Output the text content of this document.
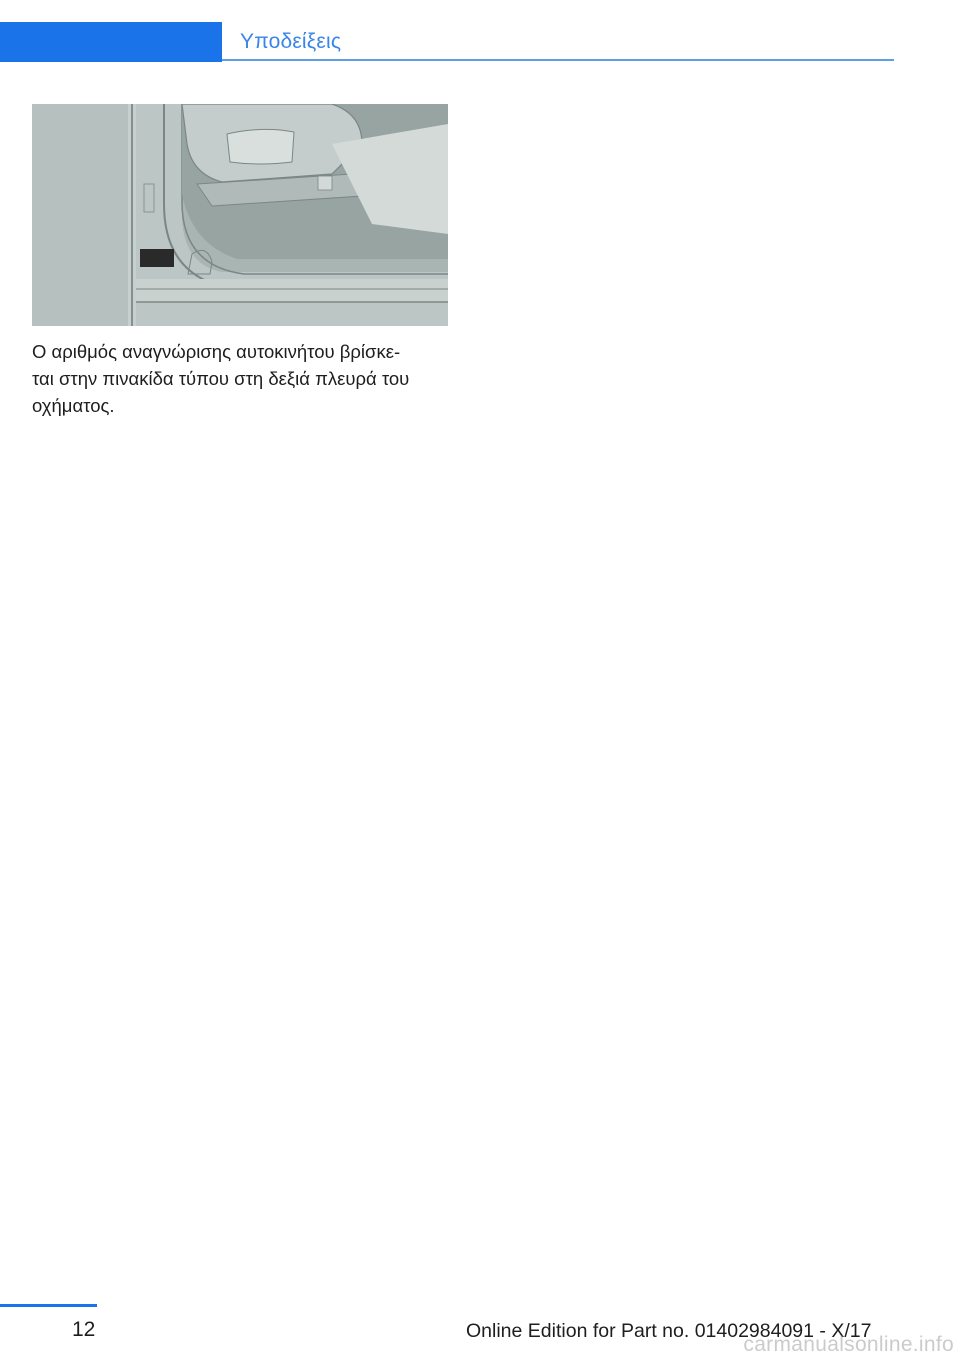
Υποδείξεις
Ο αριθμός αναγνώρισης αυτοκινήτου βρίσκε‐
ται στην πινακίδα τύπου στη δεξιά πλευρά του
οχήματος.
12	Online Edition for Part no. 01402984091 - X/17
carmanualsonline.info
